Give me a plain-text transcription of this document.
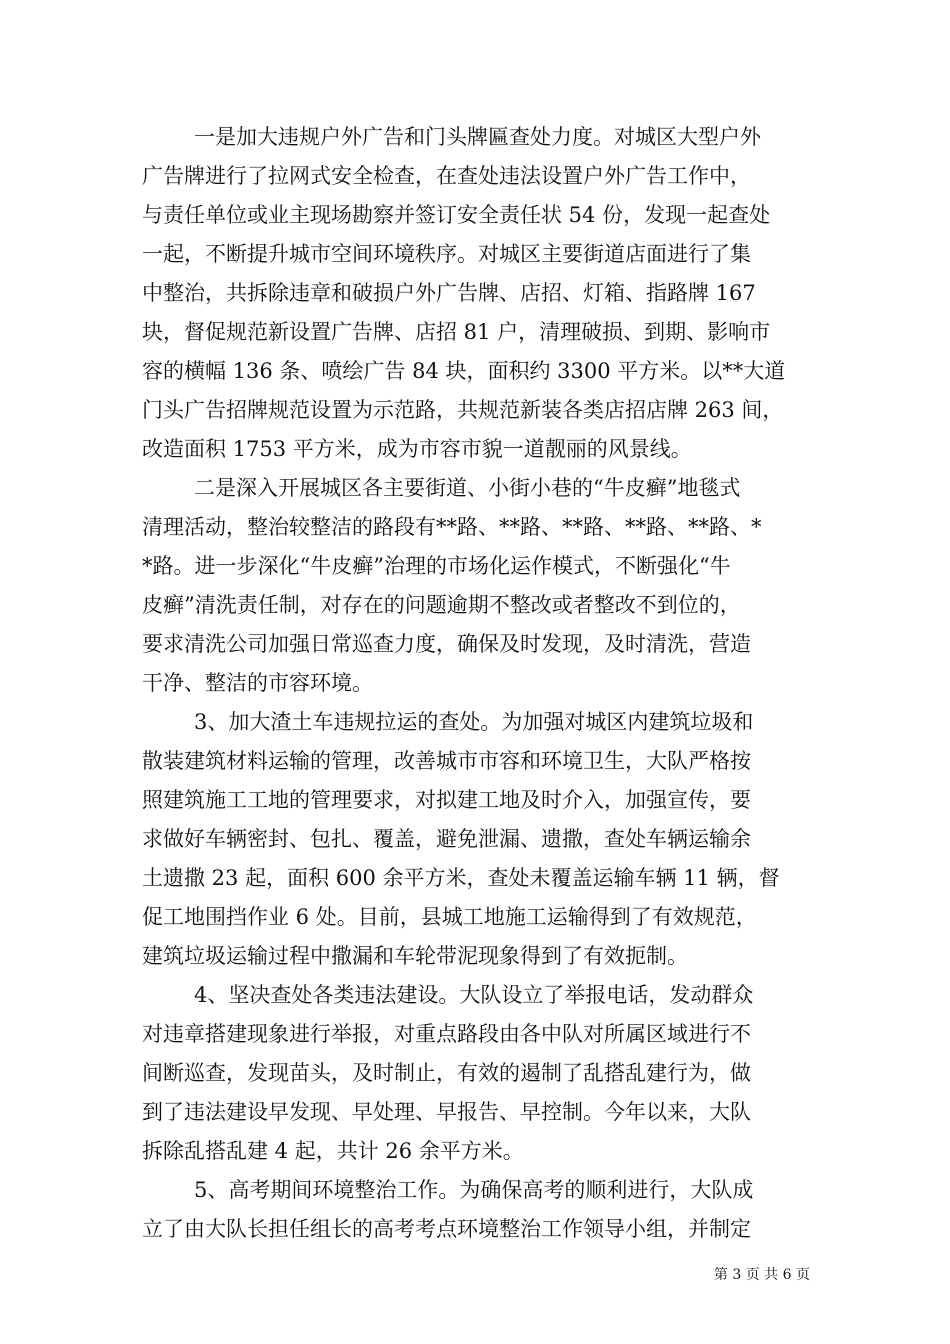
一是加大违规户外广告和门头牌匾查处力度。对城区大型户外
广告牌进行了拉网式安全检查，在查处违法设置户外广告工作中，
与责任单位或业主现场勘察并签订安全责任状 54 份，发现一起查处
一起，不断提升城市空间环境秩序。对城区主要街道店面进行了集
中整治，共拆除违章和破损户外广告牌、店招、灯箱、指路牌 167
块，督促规范新设置广告牌、店招 81 户，清理破损、到期、影响市
容的横幅 136 条、喷绘广告 84 块，面积约 3300 平方米。以**大道
门头广告招牌规范设置为示范路，共规范新装各类店招店牌 263 间，
改造面积 1753 平方米，成为市容市貌一道靓丽的风景线。
二是深入开展城区各主要街道、小街小巷的“牛皮癣”地毯式
清理活动，整治较整洁的路段有**路、**路、**路、**路、**路、*
*路。进一步深化“牛皮癣”治理的市场化运作模式，不断强化“牛
皮癣”清洗责任制，对存在的问题逾期不整改或者整改不到位的，
要求清洗公司加强日常巡查力度，确保及时发现，及时清洗，营造
干净、整洁的市容环境。
3、加大渣土车违规拉运的查处。为加强对城区内建筑垃圾和
散装建筑材料运输的管理，改善城市市容和环境卫生，大队严格按
照建筑施工工地的管理要求，对拟建工地及时介入，加强宣传，要
求做好车辆密封、包扎、覆盖，避免泄漏、遗撒，查处车辆运输余
土遗撒 23 起，面积 600 余平方米，查处未覆盖运输车辆 11 辆，督
促工地围挡作业 6 处。目前，县城工地施工运输得到了有效规范，
建筑垃圾运输过程中撒漏和车轮带泥现象得到了有效扼制。
4、坚决查处各类违法建设。大队设立了举报电话，发动群众
对违章搭建现象进行举报，对重点路段由各中队对所属区域进行不
间断巡查，发现苗头，及时制止，有效的遏制了乱搭乱建行为，做
到了违法建设早发现、早处理、早报告、早控制。今年以来，大队
拆除乱搭乱建 4 起，共计 26 余平方米。
5、高考期间环境整治工作。为确保高考的顺利进行，大队成
立了由大队长担任组长的高考考点环境整治工作领导小组，并制定
第 3 页 共 6 页
